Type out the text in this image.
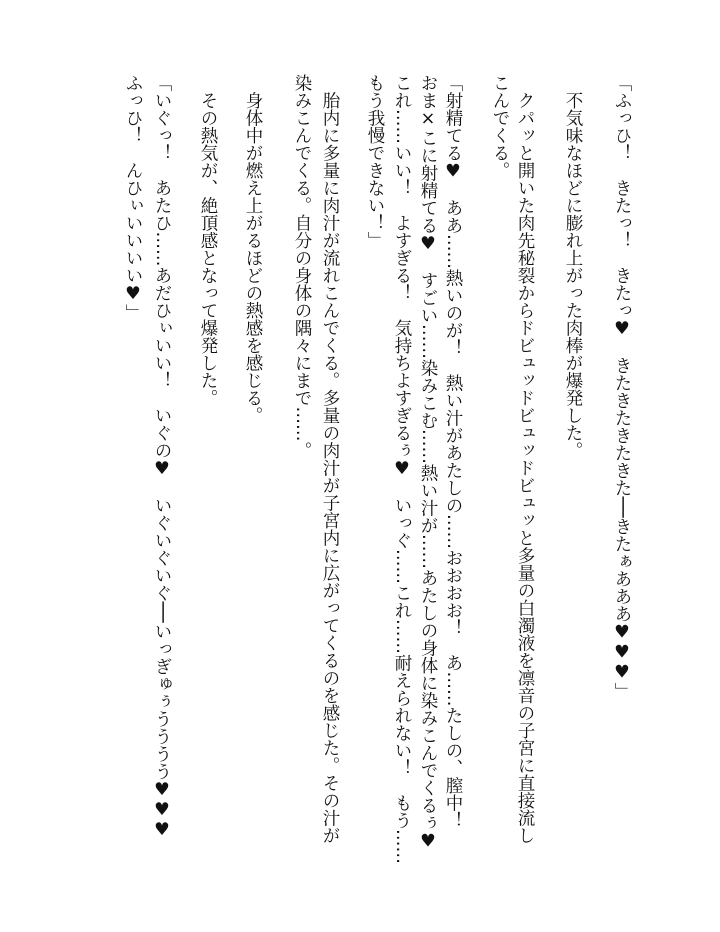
「ふっひ！　きたっ！　きたっ♥　きたきたきたきた──きたぁあああ♥♥♥」
　不気味なほどに膨れ上がった肉棒が爆発した。
　クパッと開いた肉先秘裂からドビュッドビュッドビュッと多量の白濁液を凛音の子宮に直接流し
こんでくる。
「射精てる♥　ああ……熱いのが！　熱い汁があたしの……おおおお！　あ……たしの、膣中！
おま×こに射精てる♥　すごい……染みこむ……熱い汁が……あたしの身体に染みこんでくるぅ♥
これ……いい！　よすぎる！　気持ちよすぎるぅ♥　いっぐ……これ……耐えられない！　もう……
もう我慢できない！」
　胎内に多量に肉汁が流れこんでくる。多量の肉汁が子宮内に広がってくるのを感じた。その汁が
染みこんでくる。自分の身体の隅々にまで……。
　身体中が燃え上がるほどの熱感を感じる。
　その熱気が、絶頂感となって爆発した。
「いぐっ！　あたひ……あだひぃいい！　いぐの♥　いぐいぐいぐ──いっぎゅぅうううう♥♥♥
ふっひ！　んひぃいいいい♥」
